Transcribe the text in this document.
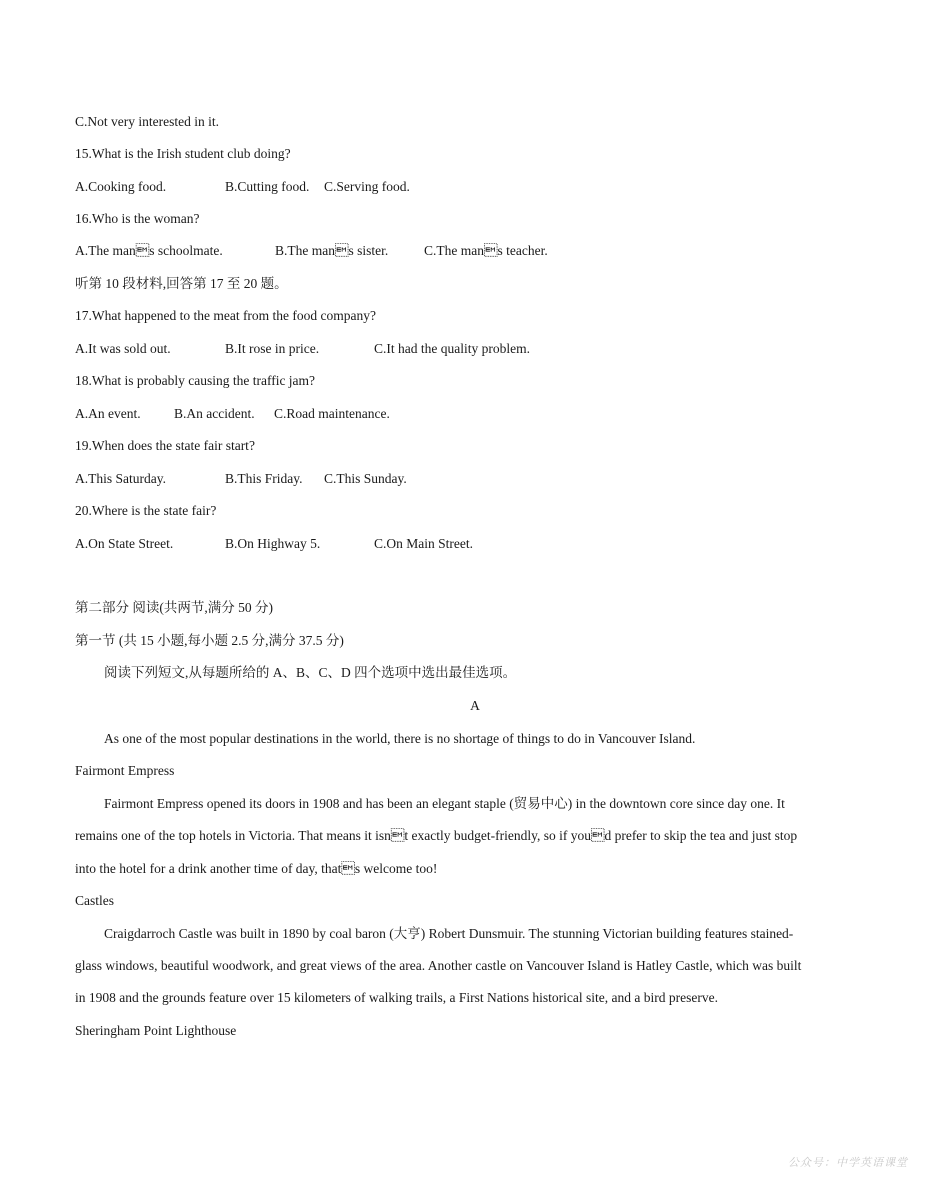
C.Not very interested in it.
15.What is the Irish student club doing?
A.Cooking food.	B.Cutting food. C.Serving food.
16.Who is the woman?
A.The mans schoolmate.	B.The mans sister.	C.The mans teacher.
听第 10 段材料,回答第 17 至 20 题。
17.What happened to the meat from the food company?
A.It was sold out.	B.It rose in price.	C.It had the quality problem.
18.What is probably causing the traffic jam?
A.An event. B.An accident. C.Road maintenance.
19.When does the state fair start?
A.This Saturday.	B.This Friday. C.This Sunday.
20.Where is the state fair?
A.On State Street.	B.On Highway 5.	C.On Main Street.
第二部分 阅读(共两节,满分 50 分)
第一节 (共 15 小题,每小题 2.5 分,满分 37.5 分)
阅读下列短文,从每题所给的 A、B、C、D 四个选项中选出最佳选项。
A
As one of the most popular destinations in the world, there is no shortage of things to do in Vancouver Island.
Fairmont Empress
Fairmont Empress opened its doors in 1908 and has been an elegant staple (贸易中心) in the downtown core since day one. It
remains one of the top hotels in Victoria. That means it isnt exactly budget-friendly, so if youd prefer to skip the tea and just stop
into the hotel for a drink another time of day, thats welcome too!
Castles
Craigdarroch Castle was built in 1890 by coal baron (大亨) Robert Dunsmuir. The stunning Victorian building features stained-
glass windows, beautiful woodwork, and great views of the area. Another castle on Vancouver Island is Hatley Castle, which was built
in 1908 and the grounds feature over 15 kilometers of walking trails, a First Nations historical site, and a bird preserve.
Sheringham Point Lighthouse
公众号：中学英语课堂
